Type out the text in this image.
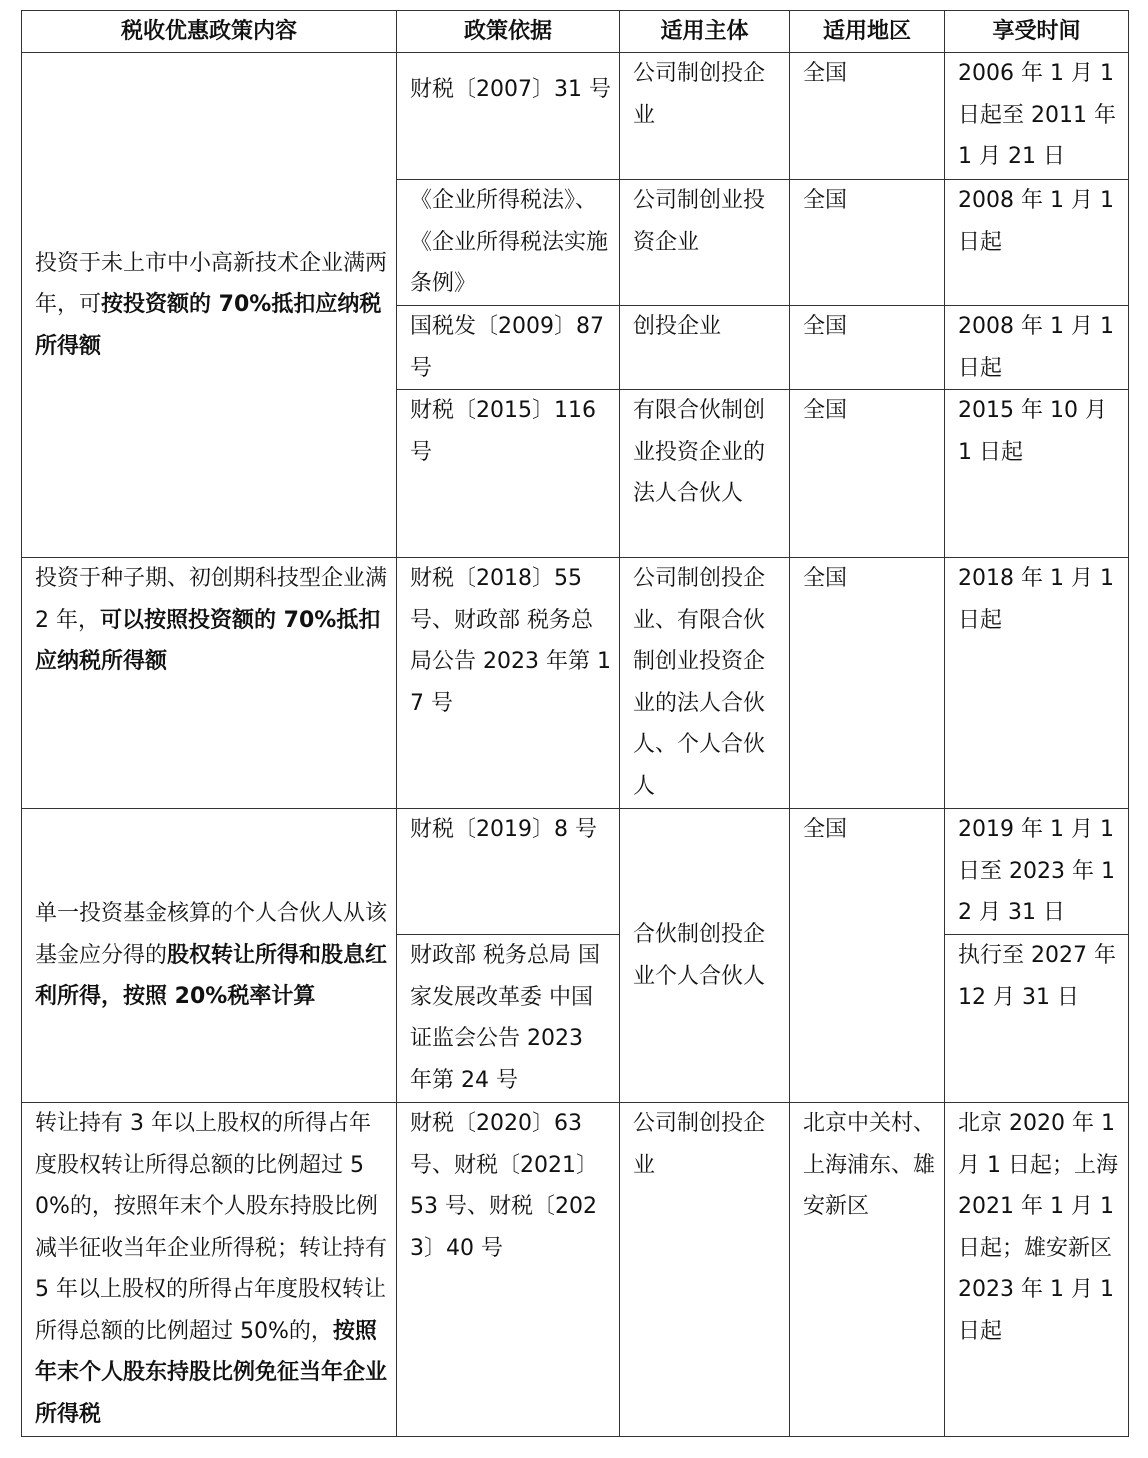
税收优惠政策内容	政策依据	适用主体	适用地区	享受时间
投资于未上市中小高新技术企业满两年，可按投资额的 70%抵扣应纳税所得额	财税〔2007〕31 号	公司制创投企业	全国	2006 年 1 月 1 日起至 2011 年 1 月 21 日
	《企业所得税法》、《企业所得税法实施条例》	公司制创业投资企业	全国	2008 年 1 月 1 日起
	国税发〔2009〕87 号	创投企业	全国	2008 年 1 月 1 日起
	财税〔2015〕116 号	有限合伙制创业投资企业的法人合伙人	全国	2015 年 10 月 1 日起
投资于种子期、初创期科技型企业满 2 年，可以按照投资额的 70%抵扣应纳税所得额	财税〔2018〕55 号、财政部 税务总局公告 2023 年第 17 号	公司制创投企业、有限合伙制创业投资企业的法人合伙人、个人合伙人	全国	2018 年 1 月 1 日起
单一投资基金核算的个人合伙人从该基金应分得的股权转让所得和股息红利所得，按照 20%税率计算	财税〔2019〕8 号	合伙制创投企业个人合伙人	全国	2019 年 1 月 1 日至 2023 年 12 月 31 日
	财政部 税务总局 国家发展改革委 中国证监会公告 2023 年第 24 号			执行至 2027 年 12 月 31 日
转让持有 3 年以上股权的所得占年度股权转让所得总额的比例超过 50%的，按照年末个人股东持股比例减半征收当年企业所得税；转让持有 5 年以上股权的所得占年度股权转让所得总额的比例超过 50%的，按照年末个人股东持股比例免征当年企业所得税	财税〔2020〕63 号、财税〔2021〕53 号、财税〔2023〕40 号	公司制创投企业	北京中关村、上海浦东、雄安新区	北京 2020 年 1 月 1 日起；上海 2021 年 1 月 1 日起；雄安新区 2023 年 1 月 1 日起
